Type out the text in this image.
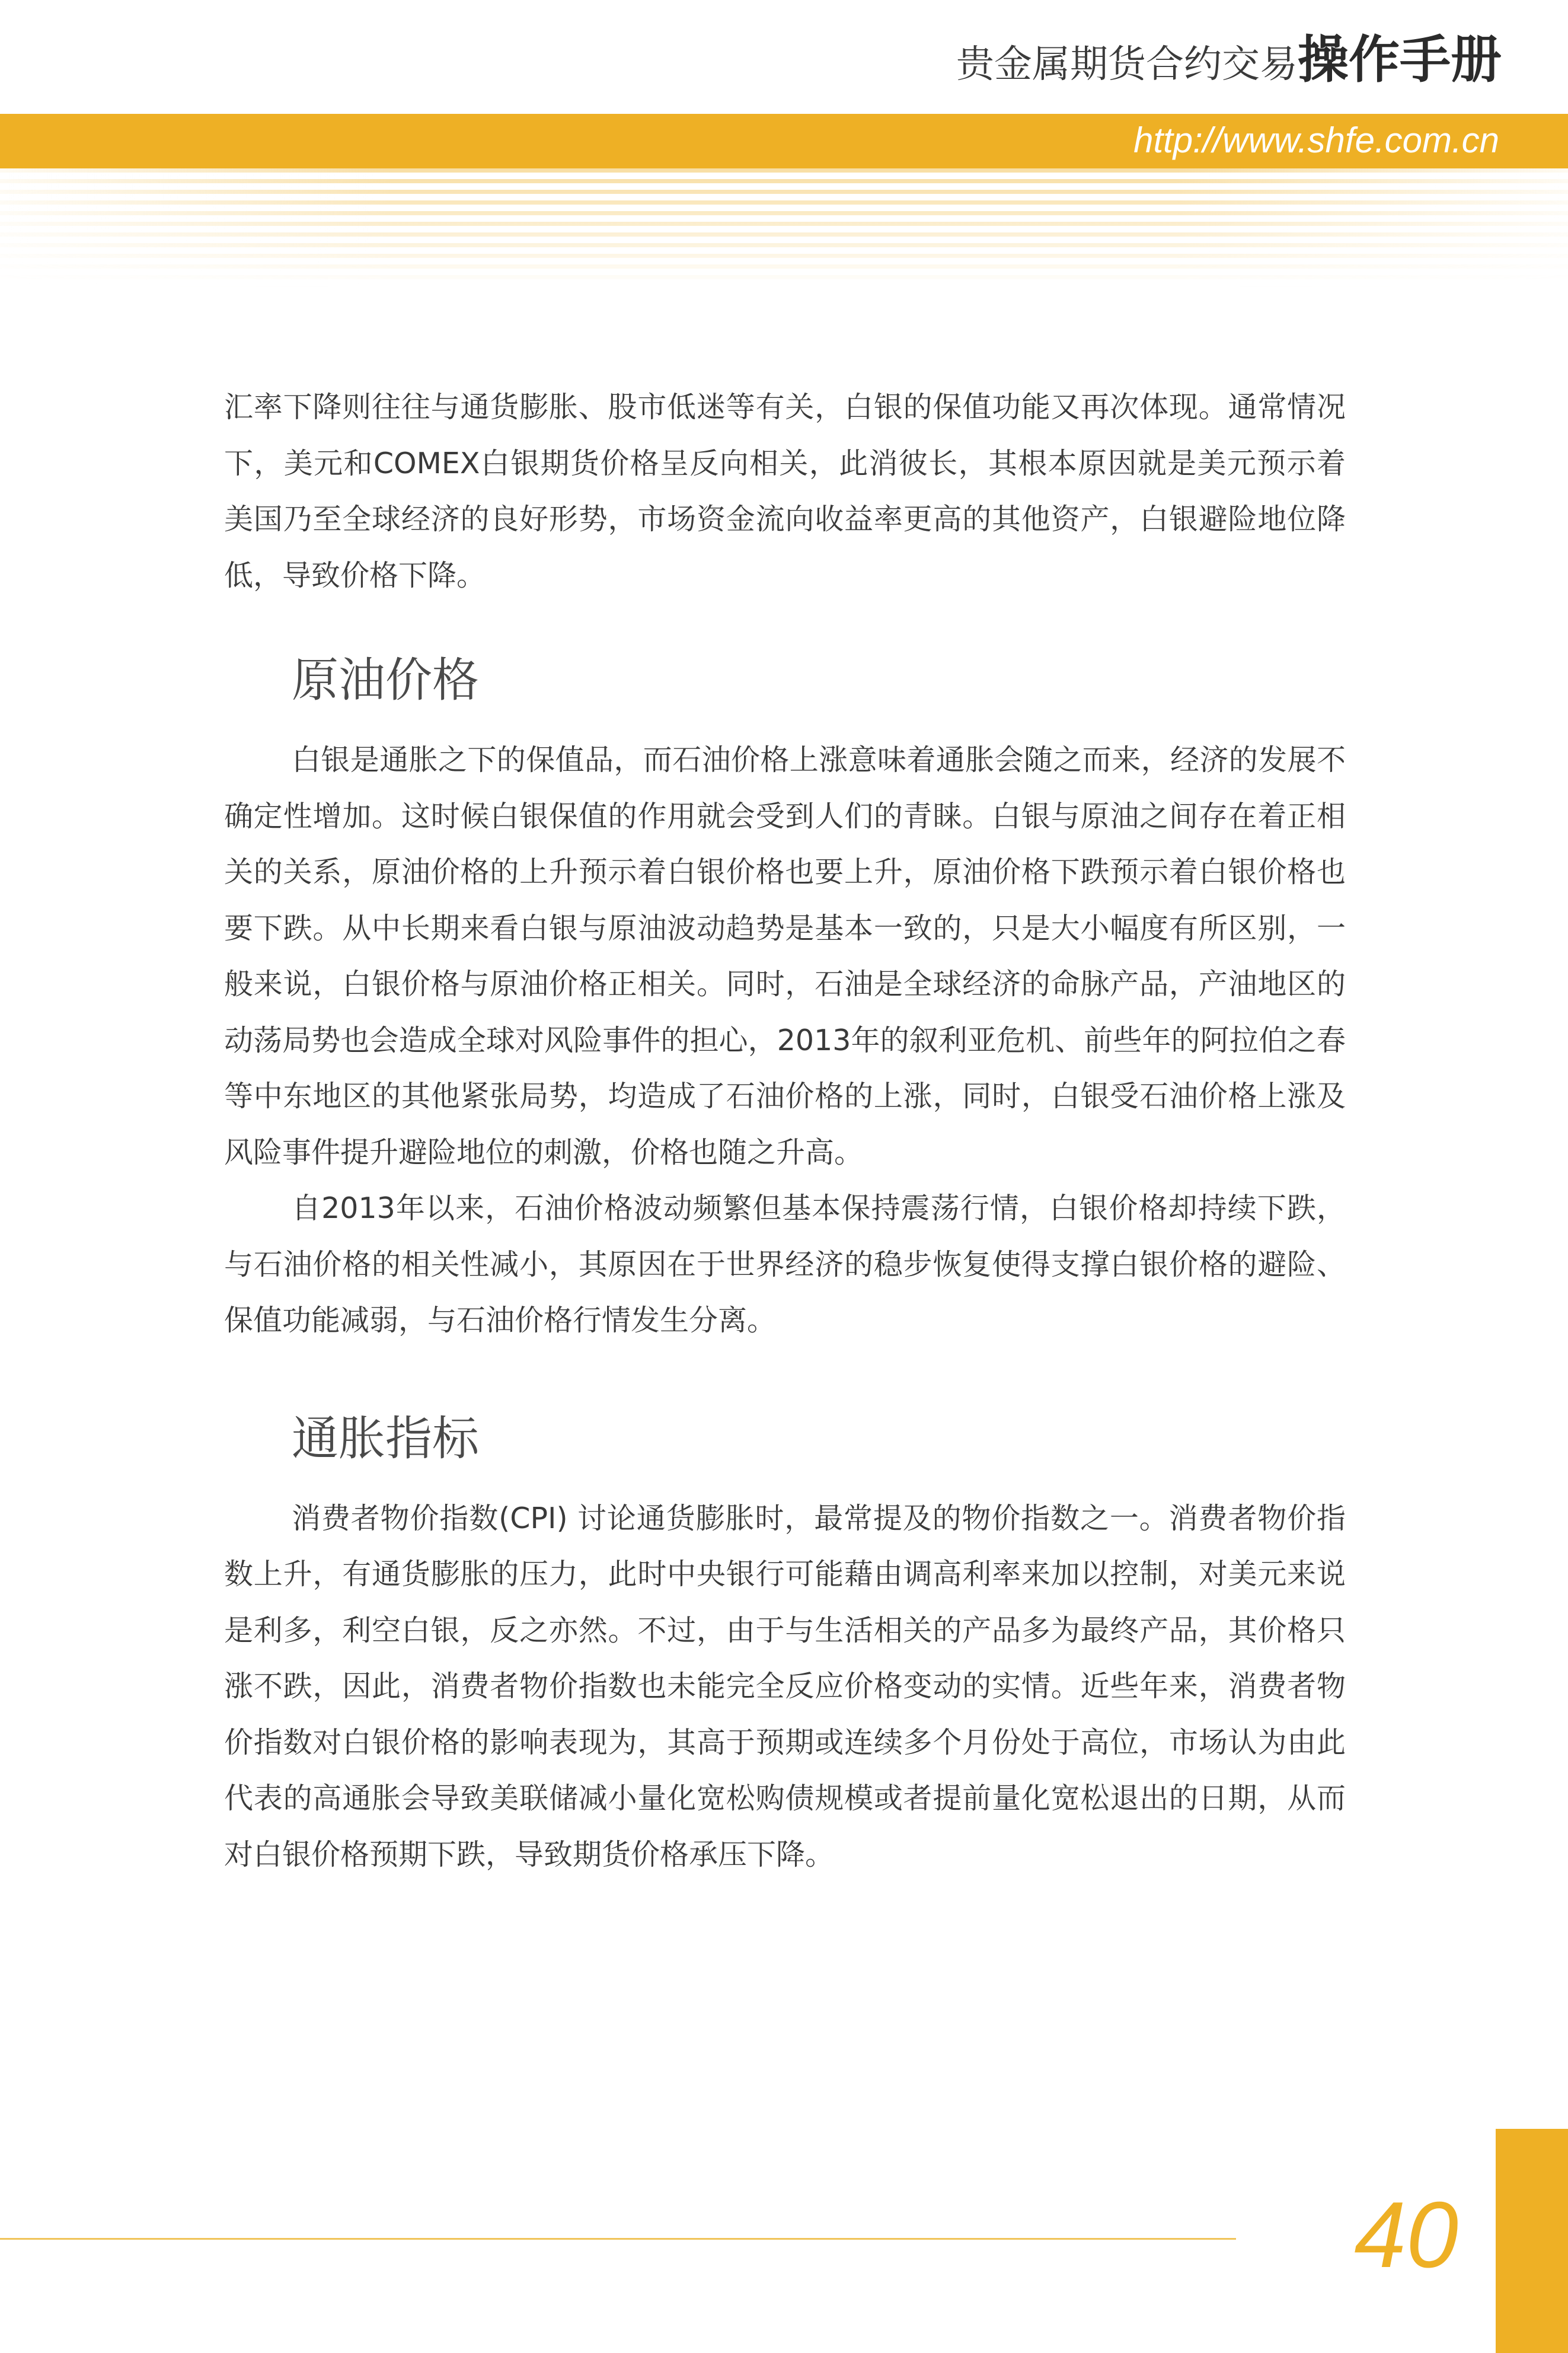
贵金属期货合约交易操作手册
http://www.shfe.com.cn

汇率下降则往往与通货膨胀、股市低迷等有关，白银的保值功能又再次体现。通常情况下，美元和COMEX白银期货价格呈反向相关，此消彼长，其根本原因就是美元预示着美国乃至全球经济的良好形势，市场资金流向收益率更高的其他资产，白银避险地位降低，导致价格下降。

原油价格

白银是通胀之下的保值品，而石油价格上涨意味着通胀会随之而来，经济的发展不确定性增加。这时候白银保值的作用就会受到人们的青睐。白银与原油之间存在着正相关的关系，原油价格的上升预示着白银价格也要上升，原油价格下跌预示着白银价格也要下跌。从中长期来看白银与原油波动趋势是基本一致的，只是大小幅度有所区别，一般来说，白银价格与原油价格正相关。同时，石油是全球经济的命脉产品，产油地区的动荡局势也会造成全球对风险事件的担心，2013年的叙利亚危机、前些年的阿拉伯之春等中东地区的其他紧张局势，均造成了石油价格的上涨，同时，白银受石油价格上涨及风险事件提升避险地位的刺激，价格也随之升高。

自2013年以来，石油价格波动频繁但基本保持震荡行情，白银价格却持续下跌，与石油价格的相关性减小，其原因在于世界经济的稳步恢复使得支撑白银价格的避险、保值功能减弱，与石油价格行情发生分离。

通胀指标

消费者物价指数(CPI) 讨论通货膨胀时，最常提及的物价指数之一。消费者物价指数上升，有通货膨胀的压力，此时中央银行可能藉由调高利率来加以控制，对美元来说是利多，利空白银，反之亦然。不过，由于与生活相关的产品多为最终产品，其价格只涨不跌，因此，消费者物价指数也未能完全反应价格变动的实情。近些年来，消费者物价指数对白银价格的影响表现为，其高于预期或连续多个月份处于高位，市场认为由此代表的高通胀会导致美联储减小量化宽松购债规模或者提前量化宽松退出的日期，从而对白银价格预期下跌，导致期货价格承压下降。

40
